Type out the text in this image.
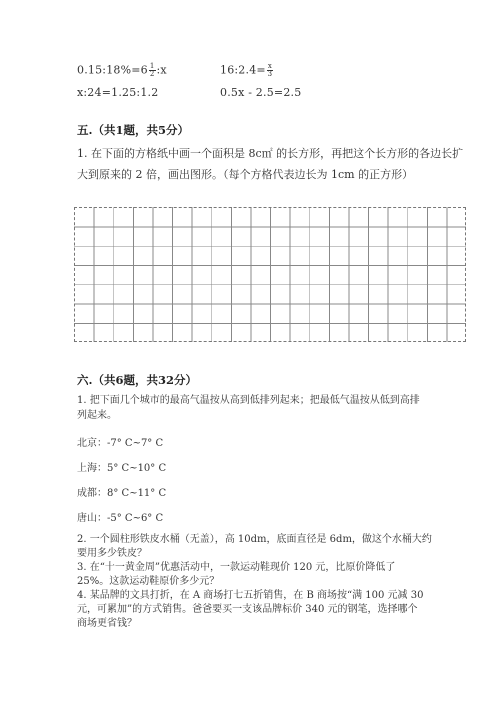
0.15:18%=6 $\frac{1}{2}$ :x	16:2.4= $\frac{x}{3}$
x:24=1.25:1.2	0.5x - 2.5=2.5
五.（共1题，共5分）
1. 在下面的方格纸中画一个面积是 8c㎡ 的长方形，再把这个长方形的各边长扩
大到原来的 2 倍，画出图形。（每个方格代表边长为 1cm 的正方形）
六.（共6题，共32分）
1. 把下面几个城市的最高气温按从高到低排列起来；把最低气温按从低到高排
列起来。
北京：-7° C~7° C
上海：5° C~10° C
成都：8° C~11° C
唐山：-5° C~6° C
2. 一个圆柱形铁皮水桶（无盖），高 10dm，底面直径是 6dm，做这个水桶大约
要用多少铁皮？
3. 在“十一黄金周”优惠活动中，一款运动鞋现价 120 元，比原价降低了
25%。这款运动鞋原价多少元？
4. 某品牌的文具打折，在 A 商场打七五折销售，在 B 商场按“满 100 元减 30
元，可累加”的方式销售。爸爸要买一支该品牌标价 340 元的钢笔，选择哪个
商场更省钱？
